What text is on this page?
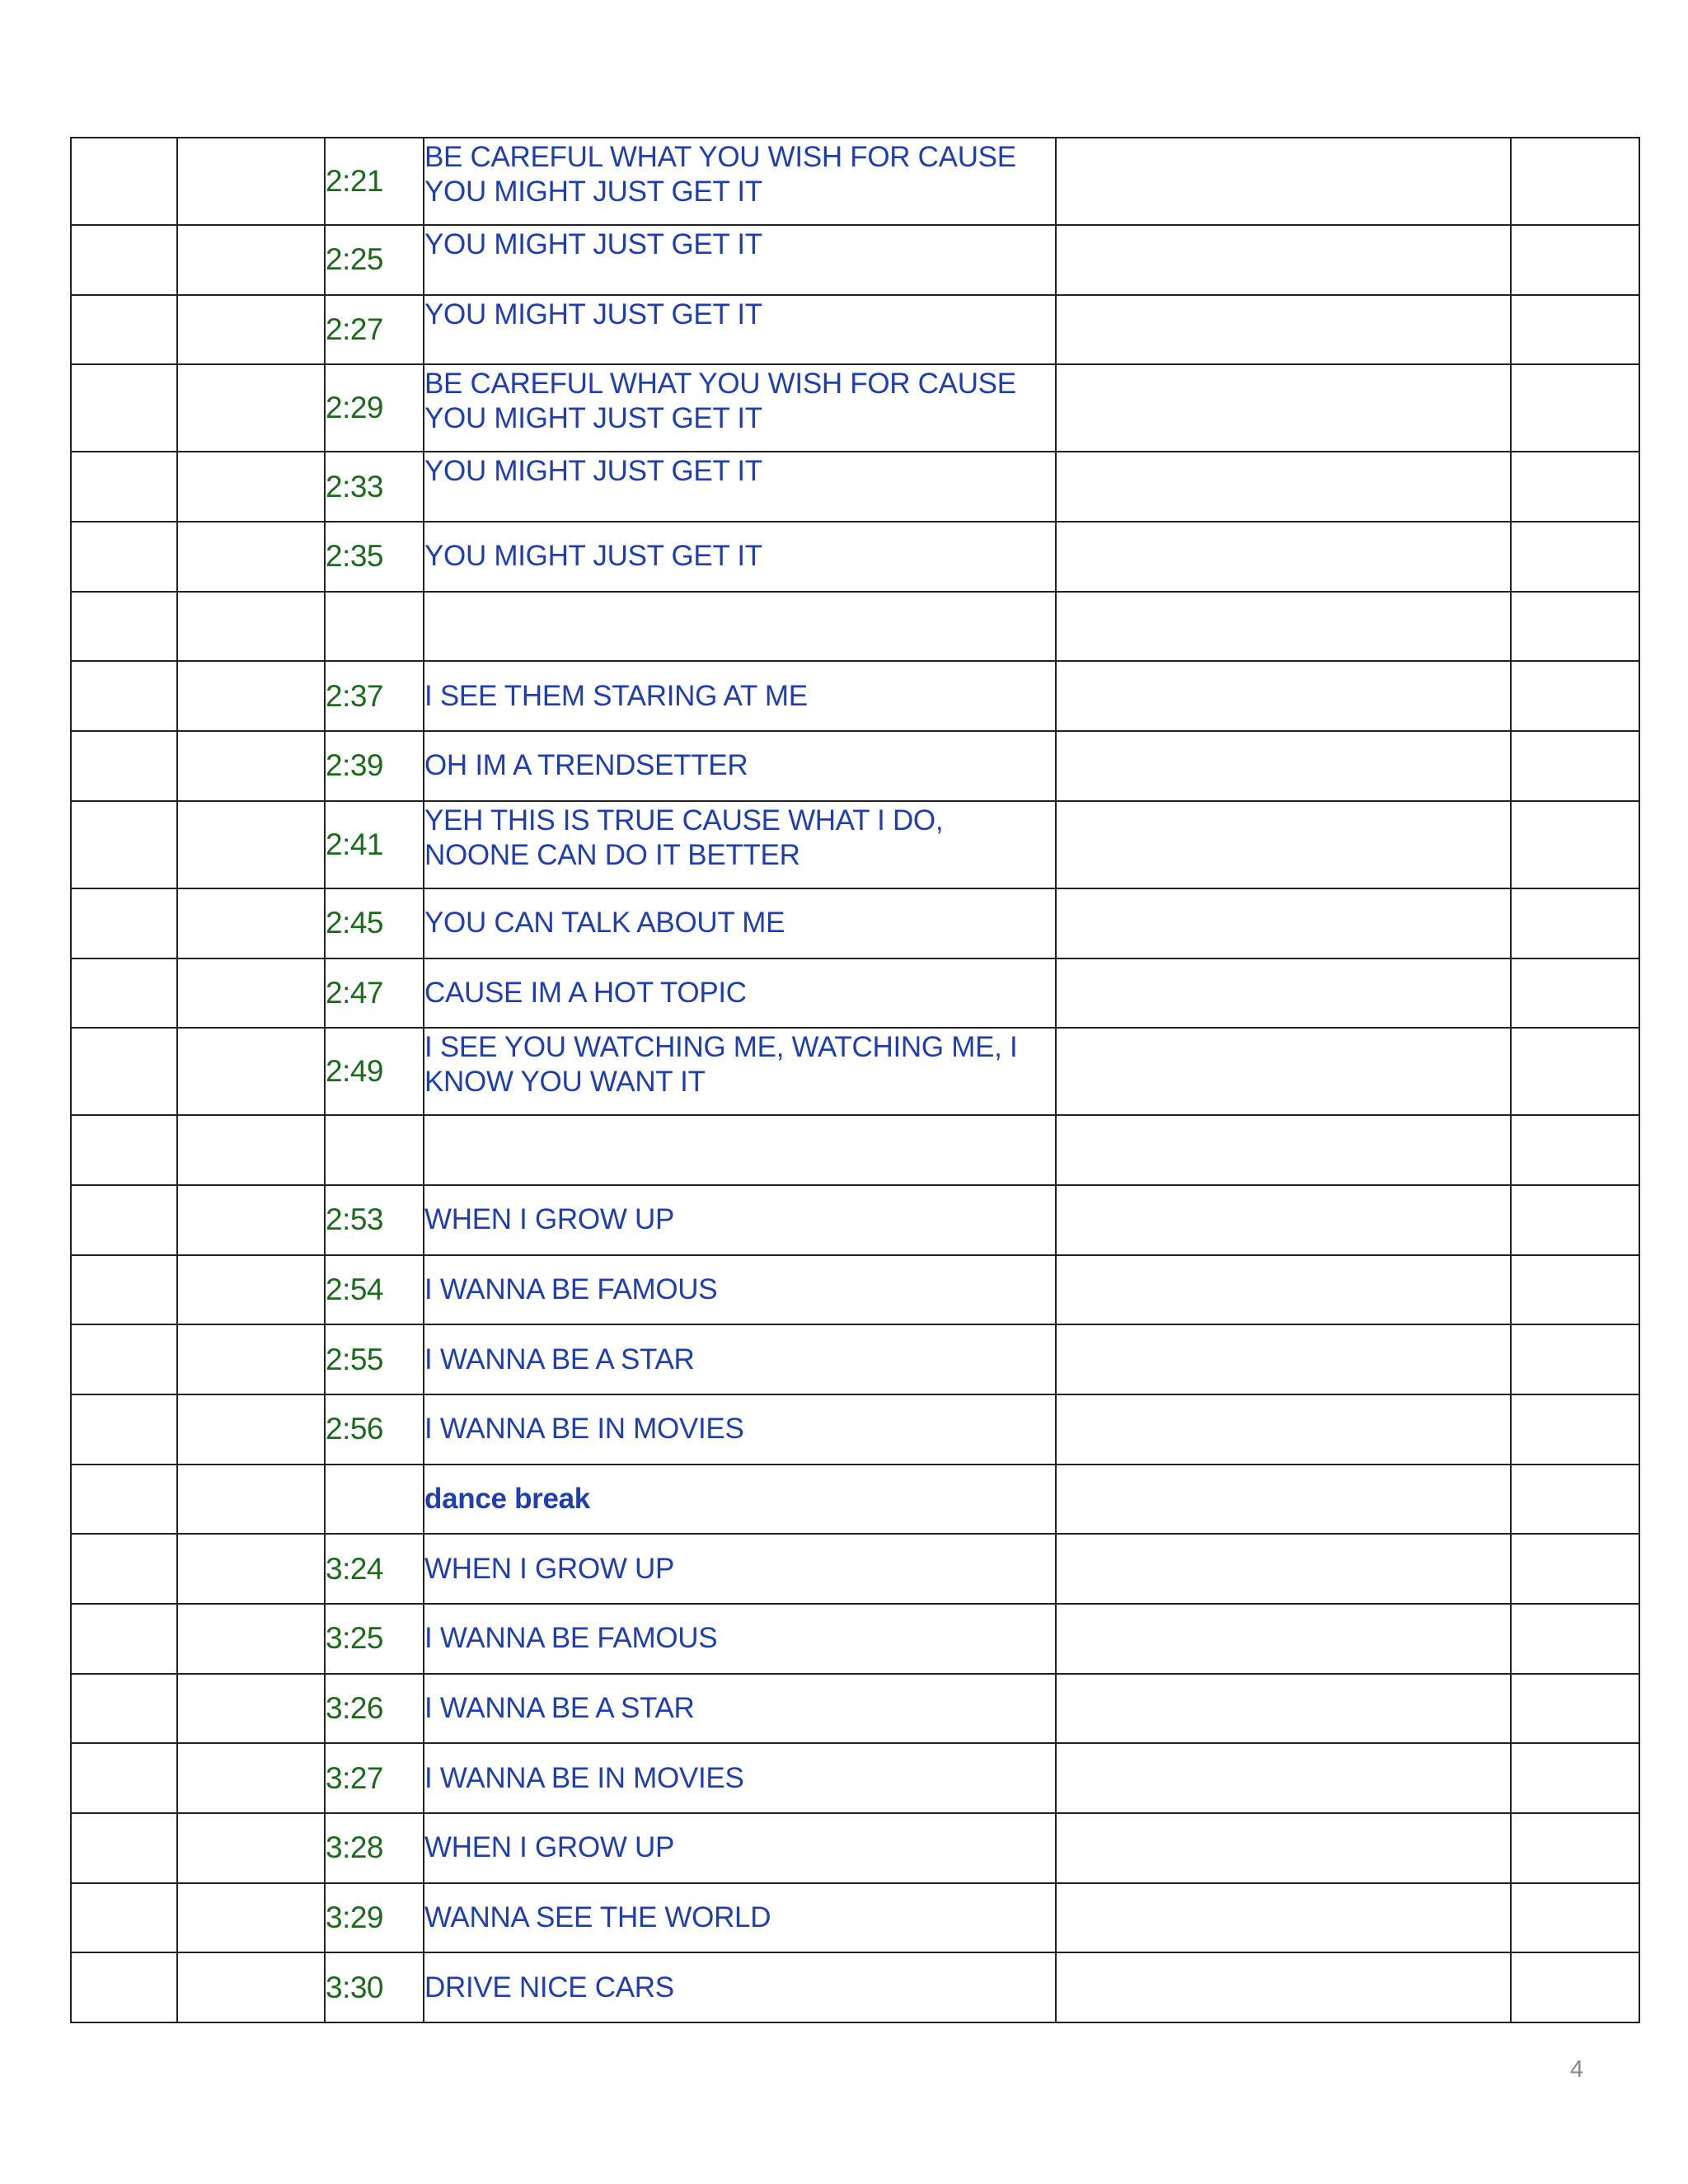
		2:21	BE CAREFUL WHAT YOU WISH FOR CAUSE YOU MIGHT JUST GET IT		
		2:25	YOU MIGHT JUST GET IT		
		2:27	YOU MIGHT JUST GET IT		
		2:29	BE CAREFUL WHAT YOU WISH FOR CAUSE YOU MIGHT JUST GET IT		
		2:33	YOU MIGHT JUST GET IT		
		2:35	YOU MIGHT JUST GET IT		

		2:37	I SEE THEM STARING AT ME		
		2:39	OH IM A TRENDSETTER		
		2:41	YEH THIS IS TRUE CAUSE WHAT I DO, NOONE CAN DO IT BETTER		
		2:45	YOU CAN TALK ABOUT ME		
		2:47	CAUSE IM A HOT TOPIC		
		2:49	I SEE YOU WATCHING ME, WATCHING ME, I KNOW YOU WANT IT		

		2:53	WHEN I GROW UP		
		2:54	I WANNA BE FAMOUS		
		2:55	I WANNA BE A STAR		
		2:56	I WANNA BE IN MOVIES		
			dance break		
		3:24	WHEN I GROW UP		
		3:25	I WANNA BE FAMOUS		
		3:26	I WANNA BE A STAR		
		3:27	I WANNA BE IN MOVIES		
		3:28	WHEN I GROW UP		
		3:29	WANNA SEE THE WORLD		
		3:30	DRIVE NICE CARS		
4
